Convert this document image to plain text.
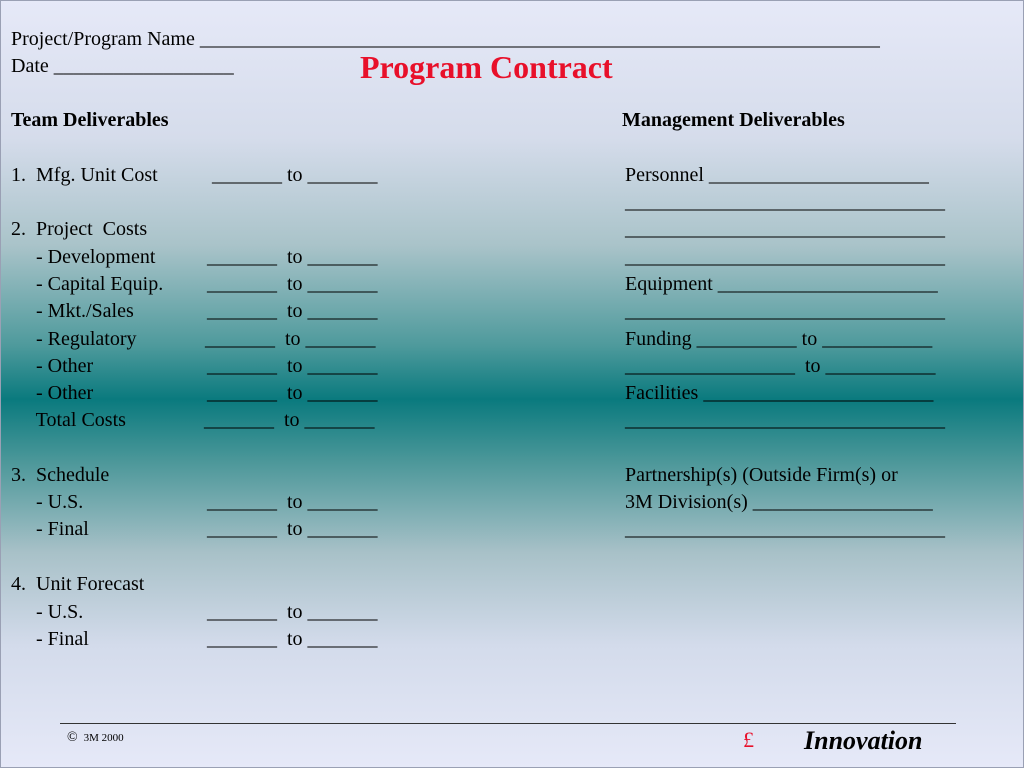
Project/Program Name ____________________________________________________________________
Date __________________	Program Contract
Team Deliverables
1.  Mfg. Unit Cost	_______ to _______
2.  Project  Costs
- Development	_______  to _______
- Capital Equip. _______  to _______
- Mkt./Sales	_______  to _______
- Regulatory	_______  to _______
- Other	_______  to _______
- Other	_______  to _______
Total Costs	_______  to _______
3.  Schedule
- U.S.	_______  to _______
- Final	_______  to _______
4.  Unit Forecast
- U.S.	_______  to _______
- Final	_______  to _______
Management Deliverables
Personnel ______________________
________________________________
________________________________
________________________________
Equipment ______________________
________________________________
Funding __________ to ___________
_________________  to ___________
Facilities _______________________
________________________________
Partnership(s) (Outside Firm(s) or
3M Division(s) __________________
________________________________
© 3M 2000	£ Innovation
